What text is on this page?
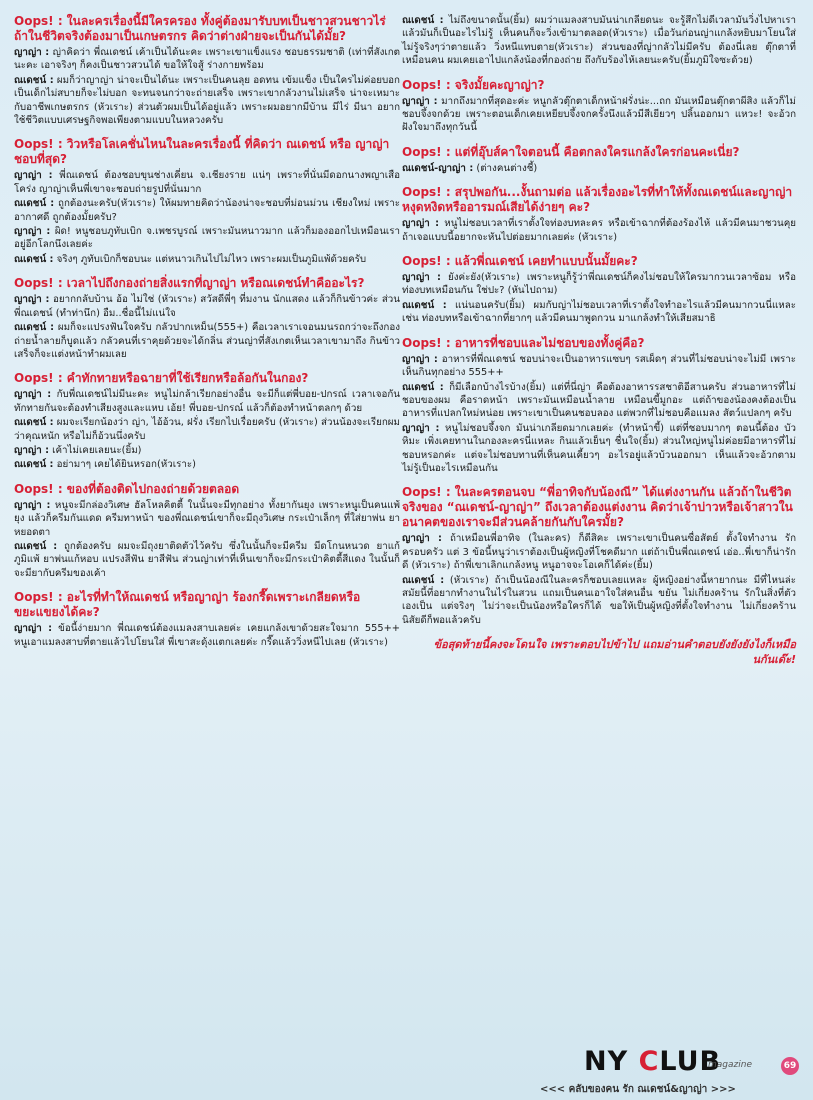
Oops! : ในละครเรื่องนี้มีใครครอง ทั้งคู่ต้องมารับบทเป็นชาวสวนชาวไร่ ถ้าในชีวิตจริงต้องมาเป็นเกษตรกร คิดว่าต่างฝ่ายจะเป็นกันได้มั้ย?
ญาญ่า : ญ่าคิดว่า พี่ณเดชน์ เค้าเป็นได้นะคะ เพราะเขาแข็งแรง ชอบธรรมชาติ (เท่าที่สังเกตนะคะ เอาจริงๆ ก็คงเป็นชาวสวนได้ ขอให้ใจสู้ ร่างกายพร้อม
ณเดชน์ : ผมก็ว่าญาญ่า น่าจะเป็นได้นะ เพราะเป็นคนลุย อดทน เข้มแข็ง เป็นใครไม่ค่อยบอก เป็นเด็กไม่สบายก็จะไม่บอก จะทนจนกว่าจะถ่ายเสร็จ เพราะเขากลัวงานไม่เสร็จ น่าจะเหมาะกับอาชีพเกษตรกร (หัวเราะ) ส่วนตัวผมเป็นได้อยู่แล้ว เพราะผมอยากมีบ้าน มีไร่ มีนา อยากใช้ชีวิตแบบเศรษฐกิจพอเพียงตามแบบในหลวงครับ
Oops! : วิวหรือโลเคชั่นไหนในละครเรื่องนี้ ที่คิดว่า ณเดชน์ หรือ ญาญ่า ชอบที่สุด?
ญาญ่า : พี่ณเดชน์ ต้องชอบขุนช่างเคี่ยน จ.เชียงราย แน่ๆ เพราะที่นั่นมีดอกนางพญาเสือโคร่ง ญาญ่าเห็นพี่เขาจะชอบถ่ายรูปที่นั่นมาก
ณเดชน์ : ถูกต้องนะครับ(หัวเราะ) ให้ผมทายคิดว่าน้องน่าจะชอบที่ม่อนม่วน เชียงใหม่ เพราะอากาศดี ถูกต้องมั้ยครับ?
ญาญ่า : ผิด! หนูชอบภูทับเบิก จ.เพชรบูรณ์ เพราะมันหนาวมาก แล้วก็มองออกไปเหมือนเราอยู่อีกโลกนึงเลยค่ะ
ณเดชน์ : จริงๆ ภูทับเบิกก็ชอบนะ แต่หนาวเกินไปไม่ไหว เพราะผมเป็นภูมิแพ้ด้วยครับ
Oops! : เวลาไปถึงกองถ่ายสิ่งแรกที่ญาญ่า หรือณเดชน์ทำคืออะไร?
ญาญ่า : อยากกลับบ้าน อ้อ ไม่ใช่ (หัวเราะ) สวัสดีพี่ๆ ที่มงาน นักแสดง แล้วก็กินข้าวค่ะ ส่วนพี่ณเดชน์ (ทำท่านึก) อืม..ชื่อนี้ไม่แน่ใจ
ณเดชน์ : ผมก็จะแปรงฟันใจครับ กลัวปากเหม็น(555+) คือเวลาเราเจอนมนรถกว่าจะถึงกองถ่ายน้ำลายก็บูดแล้ว กลัวคนที่เราคุยด้วยจะได้กลิ่น ส่วนญ่าที่สังเกตเห็นเวลาเขามาถึง กินข้าวเสร็จก็จะแต่งหน้าทำผมเลย
Oops! : คำทักทายหรือฉายาที่ใช้เรียกหรือล้อกันในกอง?
ญาญ่า : กับพี่ณเดชน์ไม่มีนะคะ หนูไม่กล้าเรียกอย่างอื่น จะมีก็แต่พี่บอย-ปกรณ์ เวลาเจอกันทักทายกันจะต้องทำเสียงสูงและแหบ เอ้ย! พี่บอย-ปกรณ์ แล้วก็ต้องทำหน้าตลกๆ ด้วย
ณเดชน์ : ผมจะเรียกน้องว่า ญ่า, ไอ้อ้วน, ฝรั่ง เรียกไปเรื่อยครับ (หัวเราะ) ส่วนน้องจะเรียกผมว่าคุณหนัก หรือไม่ก็อ้วนนึ่งครับ
ญาญ่า : เค้าไม่เคยเลยนะ(ยิ้ม)
ณเดชน์ : อย่ามาๆ เคยได้ยินหรอก(หัวเราะ)
Oops! : ของที่ต้องติดไปกองถ่ายด้วยตลอด
ญาญ่า : หนูจะมีกล่องวิเศษ ฮัลโหลคิตตี้ ในนั้นจะมีทุกอย่าง ทั้งยากันยุง เพราะหนูเป็นคนแพ้ยุง แล้วก็ครีมกันแดด ครีมทาหน้า ของพี่ณเดชน์เขาก็จะมีถุงวิเศษ กระเป๋าเล็กๆ ที่ใส่ยาพ่น ยาหยอดตา
ณเดชน์ : ถูกต้องครับ ผมจะมีถุงยาติดตัวไว้ครับ ซึ่งในนั้นก็จะมีครีม มีดโกนหนวด ยาแก้ภูมิแพ้ ยาพ่นแก้หอบ แปรงสีฟัน ยาสีฟัน ส่วนญ่าเท่าที่เห็นเขาก็จะมีกระเป๋าคิตตี้สีแดง ในนั้นก็จะมียากับครีมของเค้า
Oops! : อะไรที่ทำให้ณเดชน์ หรือญาญ่า ร้องกรี๊ดเพราะเกลียดหรือขยะแขยงได้คะ?
ญาญ่า : ข้อนี้ง่ายมาก พี่ณเดชน์ต้องแมลงสาบเลยค่ะ เคยแกล้งเขาด้วยสะใจมาก 555++ หนูเอาแมลงสาบที่ตายแล้วไปโยนใส่ พี่เขาสะดุ้งแตกเลยค่ะ กรี๊ดแล้ววิ่งหนีไปเลย (หัวเราะ)
ณเดชน์ : ไม่ถึงขนาดนั้น(ยิ้ม) ผมว่าแมลงสาบมันน่าเกลียดนะ จะรู้สึกไม่ดีเวลามันวิ่งไปหาเรา แล้วมันก็เป็นอะไรไม่รู้ เห็นคนก็จะวิ่งเข้ามาตลอด(หัวเราะ) เมื่อวันก่อนญ่าแกล้งหยิบมาโยนใส่ ไม่รู้จริงๆว่าตายแล้ว วิ่งหนีแทบตาย(หัวเราะ) ส่วนของที่ญ่ากลัวไม่มีครับ ต้องนี่เลย ตุ๊กตาที่เหมือนคน ผมเคยเอาไปแกล้งน้องที่กองถ่าย ถึงกับร้องไห้เลยนะครับ(ยิ้มภูมิใจซะด้วย)
Oops! : จริงมั้ยคะญาญ่า?
ญาญ่า : มากถึงมากที่สุดอะค่ะ หนูกลัวตุ๊กตาเด็กหน้าฝรั่งน่ะ...ถก มันเหมือนตุ๊กตาผีสิง แล้วก็ไม่ชอบจึ้งจกด้วย เพราะตอนเด็กเคยเหยียบจึ้งจกครั้งนึงแล้วมีสีเยียวๆ ปลิ้นออกมา แหวะ! จะอ้วก ฝังใจมาถึงทุกวันนี้
Oops! : แต่ที่อุ๊บส์คาใจตอนนี้ คือตกลงใครแกล้งใครก่อนคะเนี่ย?
ณเดชน์-ญาญ่า : (ต่างคนต่างชี้)
Oops! : สรุปพอกัน...งั้นถามต่อ แล้วเรื่องอะไรที่ทำให้ทั้งณเดชน์และญาญ่า หงุดหงิดหรืออารมณ์เสียได้ง่ายๆ คะ?
ญาญ่า : หนูไม่ชอบเวลาที่เราตั้งใจท่องบทละคร หรือเข้าฉากที่ต้องร้องไห้ แล้วมีคนมาชวนคุย ถ้าเจอแบบนี้อยากจะหันไปต่อยมากเลยค่ะ (หัวเราะ)
Oops! : แล้วพี่ณเดชน์ เคยทำแบบนั้นมั้ยคะ?
ญาญ่า : ยังค่ะยัง(หัวเราะ) เพราะหนูก็รู้ว่าพี่ณเดชน์ก็คงไม่ชอบให้ใครมากวนเวลาซ้อม หรือท่องบทเหมือนกัน ใช่ปะ? (หันไปถาม)
ณเดชน์ : แน่นอนครับ(ยิ้ม) ผมกับญ่าไม่ชอบเวลาที่เราตั้งใจทำอะไรแล้วมีคนมากวนนี่แหละ เช่น ท่องบทหรือเข้าฉากที่ยากๆ แล้วมีคนมาพูดกวน มาแกล้งทำให้เสียสมาธิ
Oops! : อาหารที่ชอบและไม่ชอบของทั้งคู่คือ?
ญาญ่า : อาหารที่พี่ณเดชน์ ชอบน่าจะเป็นอาหารแซบๆ รสเผ็ดๆ ส่วนที่ไม่ชอบน่าจะไม่มี เพราะเห็นกินทุกอย่าง 555++
ณเดชน์ : ก็มีเลือกบ้างไรบ้าง(ยิ้ม) แต่ที่นี่ญ่า คือต้องอาหารรสชาติอีสานครับ ส่วนอาหารที่ไม่ชอบของผม คือราดหน้า เพราะมันเหมือนน้ำลาย เหมือนขี้มูกอะ แต่ถ้าของน้องคงต้องเป็นอาหารที่แปลกใหม่หน่อย เพราะเขาเป็นคนชอบลอง แต่พวกที่ไม่ชอบคือแมลง สัตว์แปลกๆ ครับ
ญาญ่า : หนูไม่ชอบจึ้งจก มันน่าเกลียดมากเลยค่ะ (ทำหน้าขี้) แต่ที่ชอบมากๆ ตอนนี้ต้อง บัวหิมะ เพิ่งเคยทานในกองละครนี่แหละ กินแล้วเย็นๆ ชื่นใจ(ยิ้ม) ส่วนใหญ่หนูไม่ค่อยมีอาหารที่ไม่ชอบหรอกค่ะ แต่จะไม่ชอบทานที่เห็นคนเคี้ยวๆ อะไรอยู่แล้วบ้วนออกมา เห็นแล้วจะอ้วกตาม ไม่รู้เป็นอะไรเหมือนกัน
Oops! : ในละครตอนจบ “พี่อาทิจกับน้องณี” ได้แต่งงานกัน แล้วถ้าในชีวิตจริงของ “ณเดชน์-ญาญ่า” ถึงเวลาต้องแต่งงาน คิดว่าเจ้าบ่าวหรือเจ้าสาวในอนาคตของเราจะมีส่วนคล้ายกันกับใครมั้ย?
ญาญ่า : ถ้าเหมือนพี่อาทิจ (ในละคร) ก็ดีสิคะ เพราะเขาเป็นคนซื่อสัตย์ ตั้งใจทำงาน รักครอบครัว แต่ 3 ข้อนี้หนูว่าเราต้องเป็นผู้หญิงที่โชคดีมาก แต่ถ้าเป็นพี่ณเดชน์ เอ่อ..พี่เขาก็น่ารักดี (หัวเราะ) ถ้าพี่เขาเลิกแกล้งหนู หนูอาจจะโอเคก็ได้ค่ะ(ยิ้ม)
ณเดชน์ : (หัวเราะ) ถ้าเป็นน้องณีในละครก็ชอบเลยแหละ ผู้หญิงอย่างนี้หายากนะ มีที่ไหนล่ะสมัยนี้ที่อยากทำงานในไร่ในสวน แถมเป็นคนเอาใจใส่คนอื่น ขยัน ไม่เกี่ยงคร้าน รักในสิ่งที่ตัวเองเป็น แต่จริงๆ ไม่ว่าจะเป็นน้องหรือใครก็ได้ ขอให้เป็นผู้หญิงที่ตั้งใจทำงาน ไม่เกี่ยงคร้าน นิสัยดีก็พอแล้วครับ
ข้อสุดท้ายนี้คงจะโดนใจ เพราะตอบไปข้าไป แถมอ่านคำตอบยังยังยังไงก็เหมือนกันเด๊ะ!
NY CLUB
magazine	69
<<< คลับของคน รัก ณเดชน์&ญาญ่า >>>
